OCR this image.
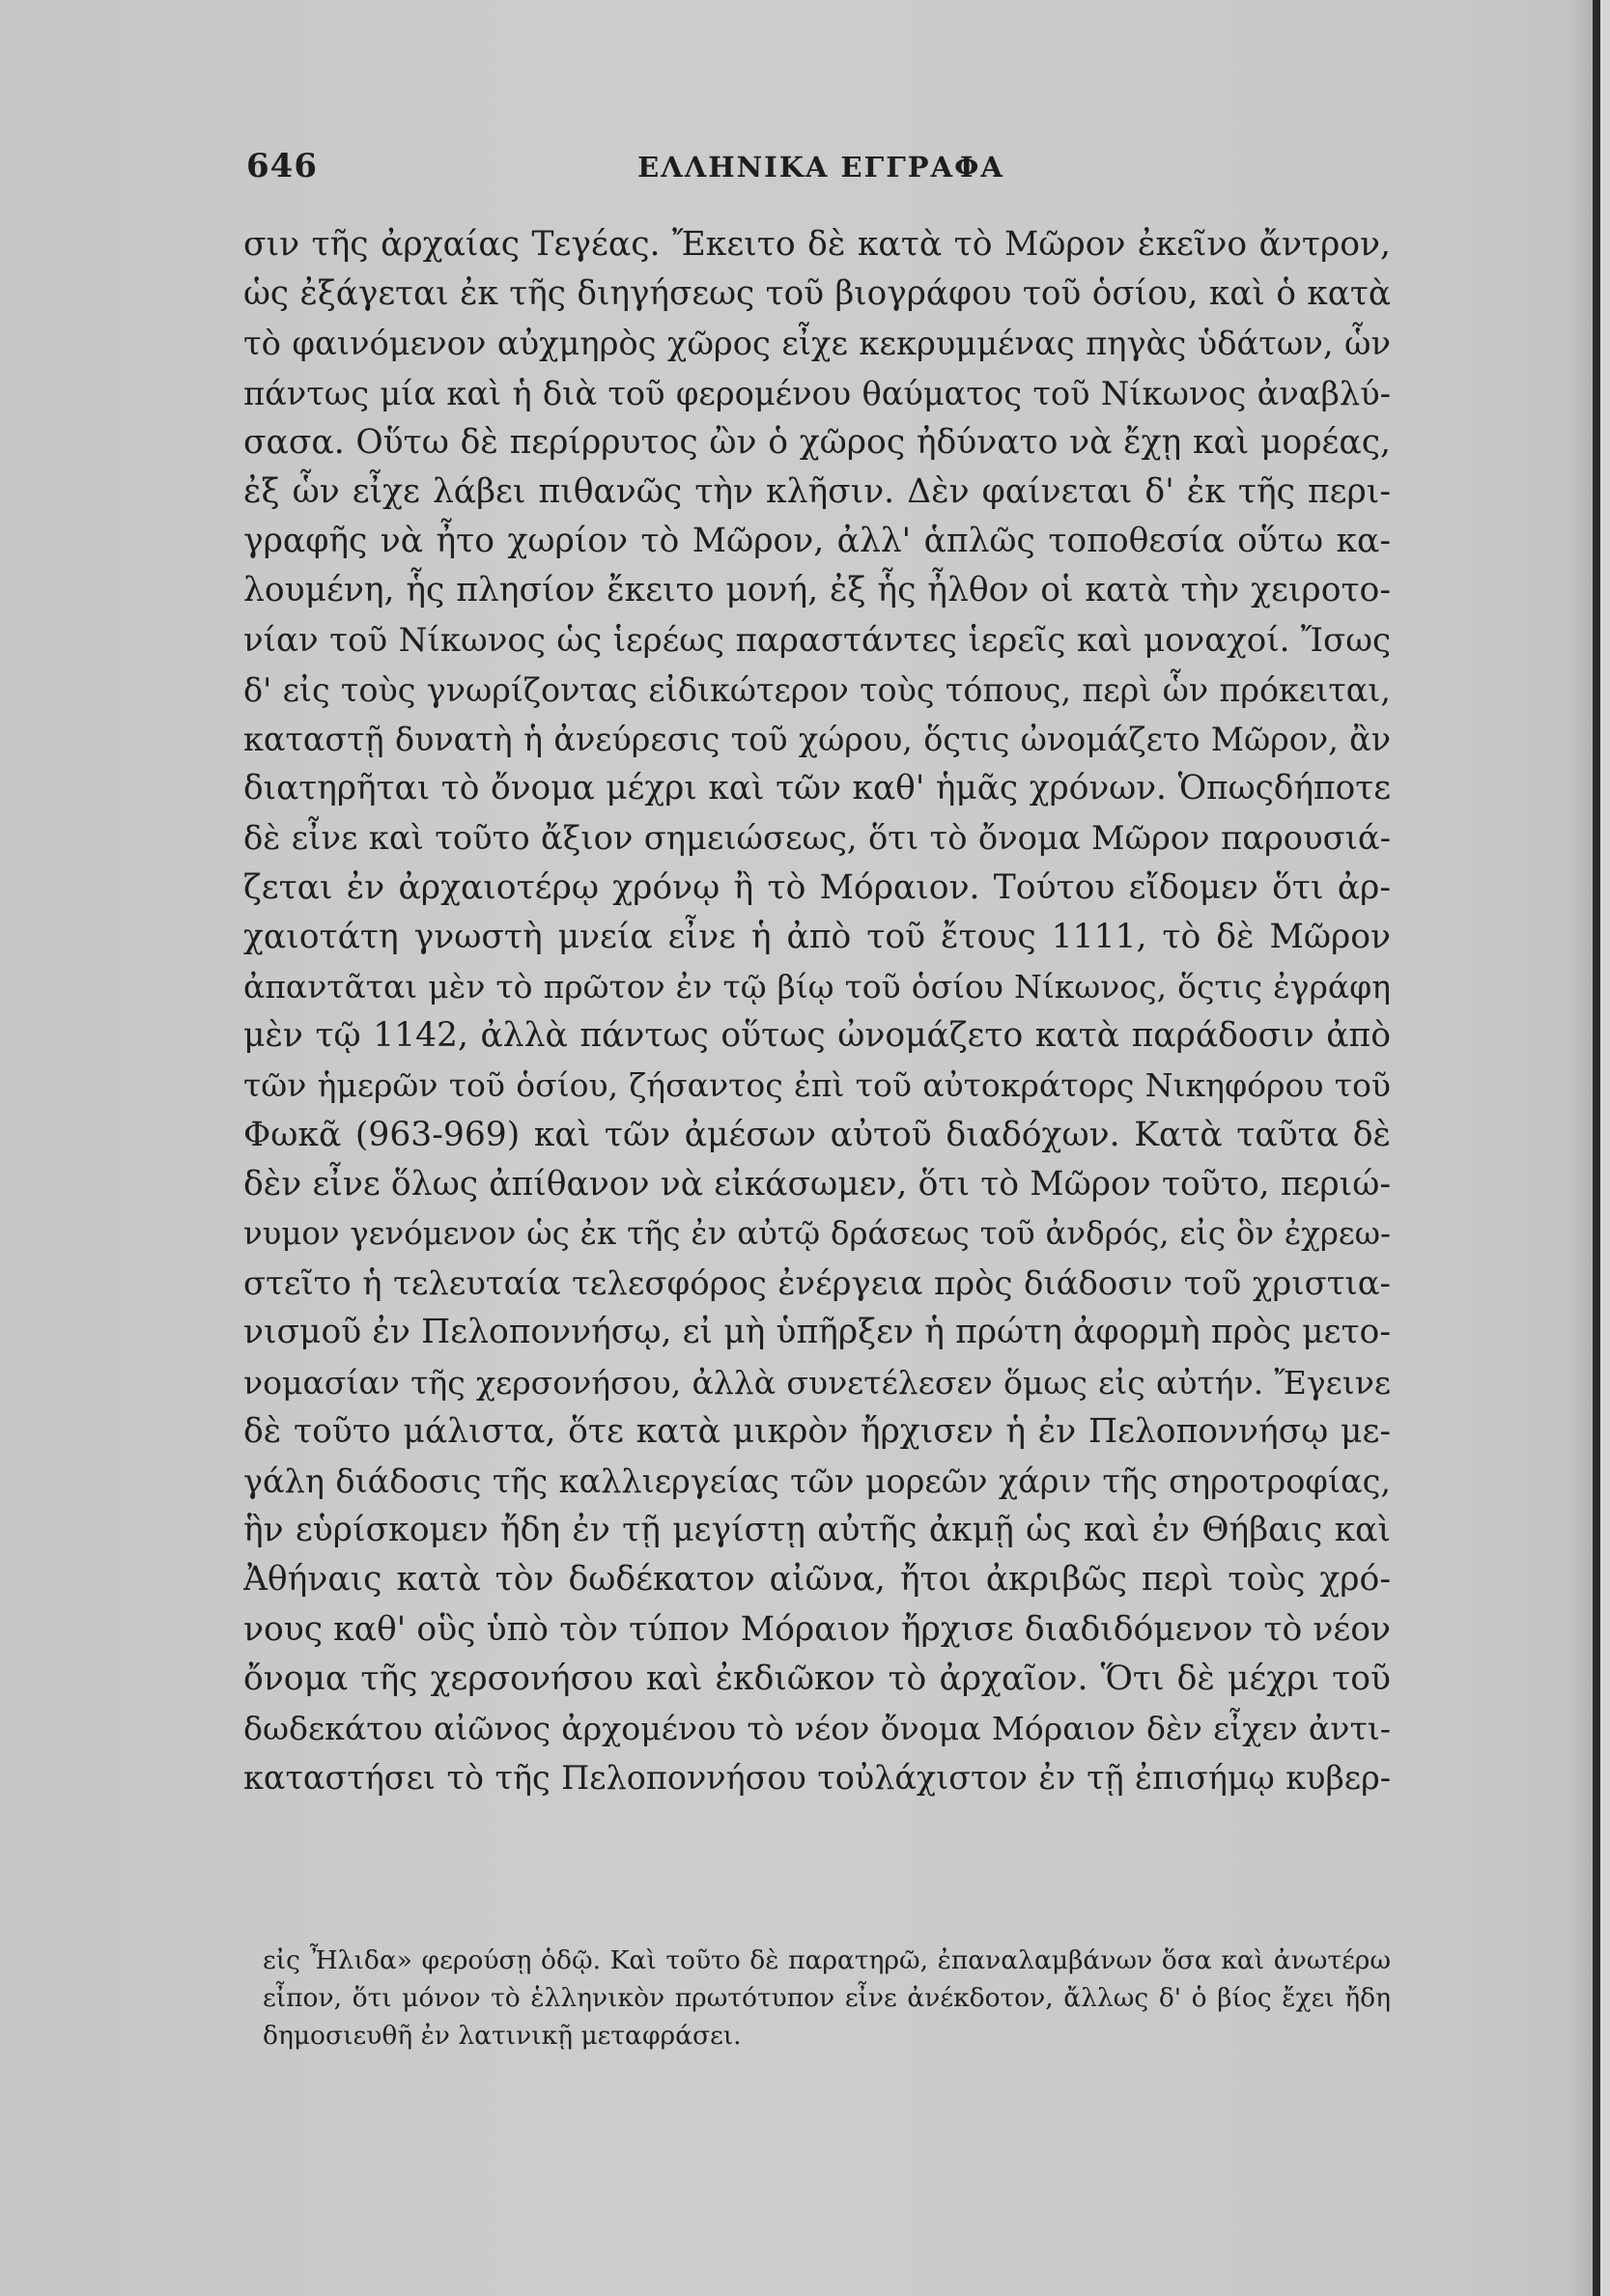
646	ΕΛΛΗΝΙΚΑ ΕΓΓΡΑΦΑ
σιν τῆς ἀρχαίας Τεγέας. Ἔκειτο δὲ κατὰ τὸ Μῶρον ἐκεῖνο ἄντρον,
ὡς ἐξάγεται ἐκ τῆς διηγήσεως τοῦ βιογράφου τοῦ ὁσίου, καὶ ὁ κατὰ
τὸ φαινόμενον αὐχμηρὸς χῶρος εἶχε κεκρυμμένας πηγὰς ὑδάτων, ὧν
πάντως μία καὶ ἡ διὰ τοῦ φερομένου θαύματος τοῦ Νίκωνος ἀναβλύ-
σασα. Οὕτω δὲ περίρρυτος ὢν ὁ χῶρος ἠδύνατο νὰ ἔχῃ καὶ μορέας,
ἐξ ὧν εἶχε λάβει πιθανῶς τὴν κλῆσιν. Δὲν φαίνεται δ' ἐκ τῆς περι-
γραφῆς νὰ ἦτο χωρίον τὸ Μῶρον, ἀλλ' ἁπλῶς τοποθεσία οὕτω κα-
λουμένη, ἧς πλησίον ἔκειτο μονή, ἐξ ἧς ἦλθον οἱ κατὰ τὴν χειροτο-
νίαν τοῦ Νίκωνος ὡς ἱερέως παραστάντες ἱερεῖς καὶ μοναχοί. Ἴσως
δ' εἰς τοὺς γνωρίζοντας εἰδικώτερον τοὺς τόπους, περὶ ὧν πρόκειται,
καταστῇ δυνατὴ ἡ ἀνεύρεσις τοῦ χώρου, ὅςτις ὠνομάζετο Μῶρον, ἂν
διατηρῆται τὸ ὄνομα μέχρι καὶ τῶν καθ' ἡμᾶς χρόνων. Ὁπωςδήποτε
δὲ εἶνε καὶ τοῦτο ἄξιον σημειώσεως, ὅτι τὸ ὄνομα Μῶρον παρουσιά-
ζεται ἐν ἀρχαιοτέρῳ χρόνῳ ἢ τὸ Μόραιον. Τούτου εἴδομεν ὅτι ἀρ-
χαιοτάτη γνωστὴ μνεία εἶνε ἡ ἀπὸ τοῦ ἔτους 1111, τὸ δὲ Μῶρον
ἀπαντᾶται μὲν τὸ πρῶτον ἐν τῷ βίῳ τοῦ ὁσίου Νίκωνος, ὅςτις ἐγράφη
μὲν τῷ 1142, ἀλλὰ πάντως οὕτως ὠνομάζετο κατὰ παράδοσιν ἀπὸ
τῶν ἡμερῶν τοῦ ὁσίου, ζήσαντος ἐπὶ τοῦ αὐτοκράτορς Νικηφόρου τοῦ
Φωκᾶ (963-969) καὶ τῶν ἀμέσων αὐτοῦ διαδόχων. Κατὰ ταῦτα δὲ
δὲν εἶνε ὅλως ἀπίθανον νὰ εἰκάσωμεν, ὅτι τὸ Μῶρον τοῦτο, περιώ-
νυμον γενόμενον ὡς ἐκ τῆς ἐν αὐτῷ δράσεως τοῦ ἀνδρός, εἰς ὃν ἐχρεω-
στεῖτο ἡ τελευταία τελεσφόρος ἐνέργεια πρὸς διάδοσιν τοῦ χριστια-
νισμοῦ ἐν Πελοποννήσῳ, εἰ μὴ ὑπῆρξεν ἡ πρώτη ἀφορμὴ πρὸς μετο-
νομασίαν τῆς χερσονήσου, ἀλλὰ συνετέλεσεν ὅμως εἰς αὐτήν. Ἔγεινε
δὲ τοῦτο μάλιστα, ὅτε κατὰ μικρὸν ἤρχισεν ἡ ἐν Πελοποννήσῳ με-
γάλη διάδοσις τῆς καλλιεργείας τῶν μορεῶν χάριν τῆς σηροτροφίας,
ἣν εὑρίσκομεν ἤδη ἐν τῇ μεγίστῃ αὐτῆς ἀκμῇ ὡς καὶ ἐν Θήβαις καὶ
Ἀθήναις κατὰ τὸν δωδέκατον αἰῶνα, ἤτοι ἀκριβῶς περὶ τοὺς χρό-
νους καθ' οὓς ὑπὸ τὸν τύπον Μόραιον ἤρχισε διαδιδόμενον τὸ νέον
ὄνομα τῆς χερσονήσου καὶ ἐκδιῶκον τὸ ἀρχαῖον. Ὅτι δὲ μέχρι τοῦ
δωδεκάτου αἰῶνος ἀρχομένου τὸ νέον ὄνομα Μόραιον δὲν εἶχεν ἀντι-
καταστήσει τὸ τῆς Πελοποννήσου τοὐλάχιστον ἐν τῇ ἐπισήμῳ κυβερ-
εἰς Ἦλιδα» φερούσῃ ὁδῷ. Καὶ τοῦτο δὲ παρατηρῶ, ἐπαναλαμβάνων ὅσα καὶ ἀνωτέρω
εἶπον, ὅτι μόνον τὸ ἑλληνικὸν πρωτότυπον εἶνε ἀνέκδοτον, ἄλλως δ' ὁ βίος ἔχει ἤδη
δημοσιευθῆ ἐν λατινικῇ μεταφράσει.
